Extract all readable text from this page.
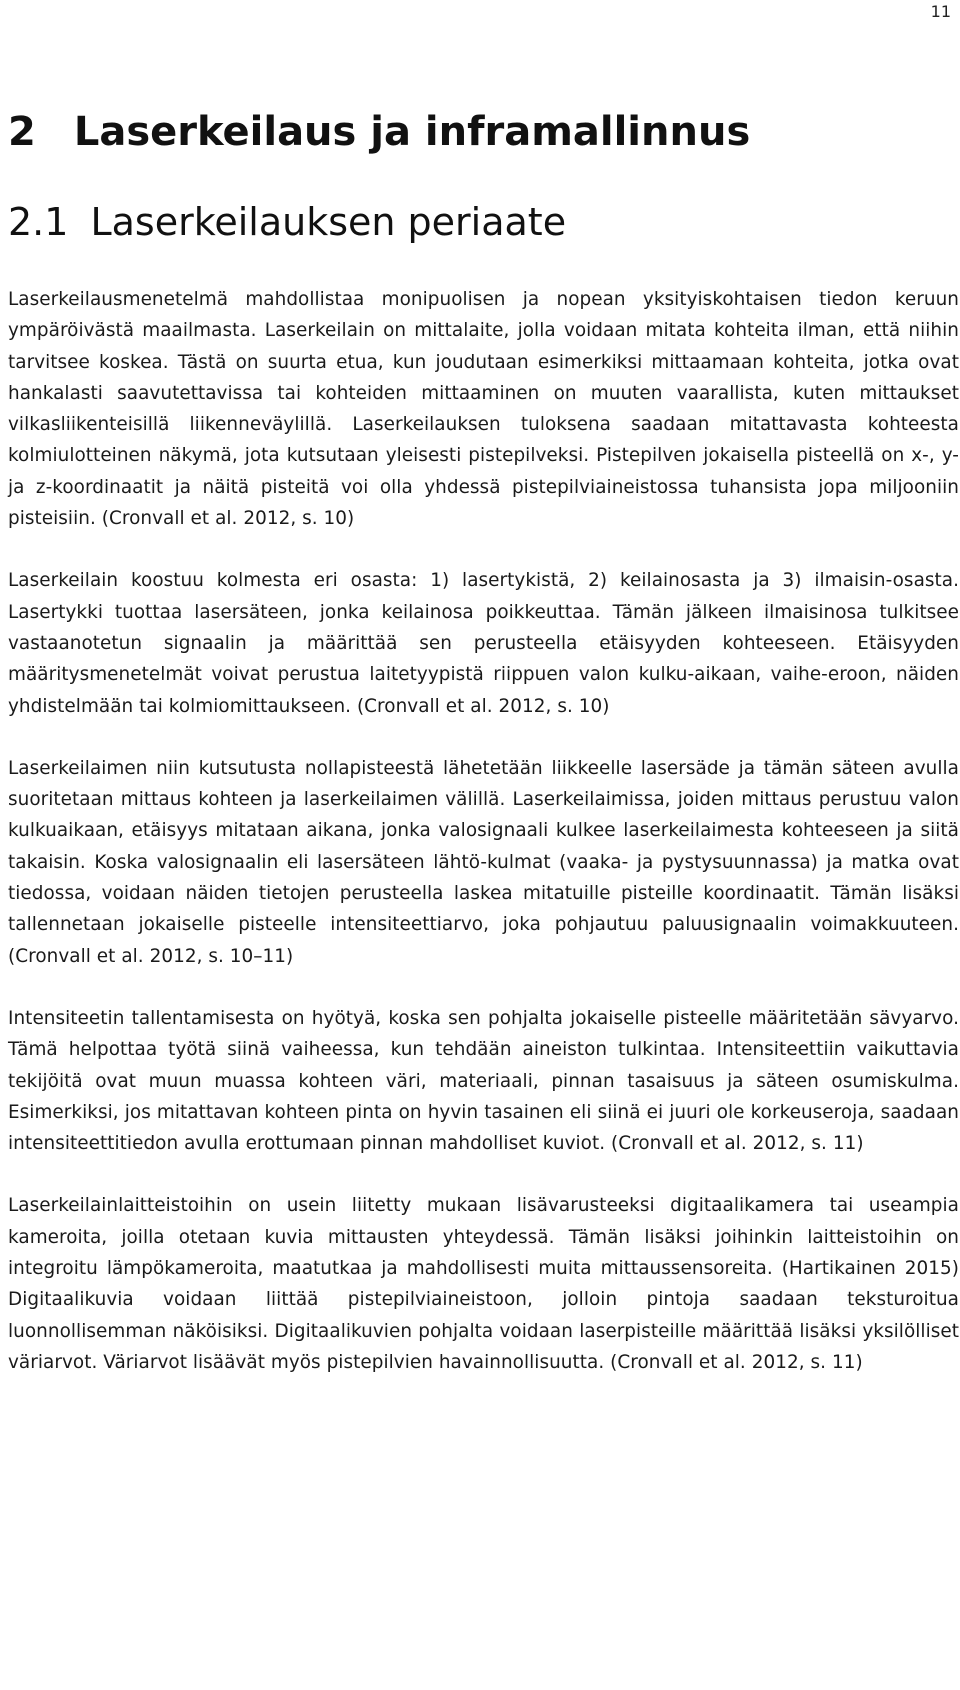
11
2 Laserkeilaus ja inframallinnus
2.1 Laserkeilauksen periaate

Laserkeilausmenetelmä mahdollistaa monipuolisen ja nopean yksityiskohtaisen tiedon keruun ympäröivästä maailmasta. Laserkeilain on mittalaite, jolla voidaan mitata kohteita ilman, että niihin tarvitsee koskea. Tästä on suurta etua, kun joudutaan esimerkiksi mittaamaan kohteita, jotka ovat hankalasti saavutettavissa tai kohteiden mittaaminen on muuten vaarallista, kuten mittaukset vilkasliikenteisillä liikenneväylillä. Laserkeilauksen tuloksena saadaan mitattavasta kohteesta kolmiulotteinen näkymä, jota kutsutaan yleisesti pistepilveksi. Pistepilven jokaisella pisteellä on x-, y- ja z-koordinaatit ja näitä pisteitä voi olla yhdessä pistepilviaineistossa tuhansista jopa miljooniin pisteisiin. (Cronvall et al. 2012, s. 10)

Laserkeilain koostuu kolmesta eri osasta: 1) lasertykistä, 2) keilainosasta ja 3) ilmaisin-osasta. Lasertykki tuottaa lasersäteen, jonka keilainosa poikkeuttaa. Tämän jälkeen ilmaisinosa tulkitsee vastaanotetun signaalin ja määrittää sen perusteella etäisyyden kohteeseen. Etäisyyden määritysmenetelmät voivat perustua laitetyypistä riippuen valon kulku-aikaan, vaihe-eroon, näiden yhdistelmään tai kolmiomittaukseen. (Cronvall et al. 2012, s. 10)

Laserkeilaimen niin kutsutusta nollapisteestä lähetetään liikkeelle lasersäde ja tämän säteen avulla suoritetaan mittaus kohteen ja laserkeilaimen välillä. Laserkeilaimissa, joiden mittaus perustuu valon kulkuaikaan, etäisyys mitataan aikana, jonka valosignaali kulkee laserkeilaimesta kohteeseen ja siitä takaisin. Koska valosignaalin eli lasersäteen lähtö-kulmat (vaaka- ja pystysuunnassa) ja matka ovat tiedossa, voidaan näiden tietojen perusteella laskea mitatuille pisteille koordinaatit. Tämän lisäksi tallennetaan jokaiselle pisteelle intensiteettiarvo, joka pohjautuu paluusignaalin voimakkuuteen. (Cronvall et al. 2012, s. 10–11)

Intensiteetin tallentamisesta on hyötyä, koska sen pohjalta jokaiselle pisteelle määritetään sävyarvo. Tämä helpottaa työtä siinä vaiheessa, kun tehdään aineiston tulkintaa. Intensiteettiin vaikuttavia tekijöitä ovat muun muassa kohteen väri, materiaali, pinnan tasaisuus ja säteen osumiskulma. Esimerkiksi, jos mitattavan kohteen pinta on hyvin tasainen eli siinä ei juuri ole korkeuseroja, saadaan intensiteettitiedon avulla erottumaan pinnan mahdolliset kuviot. (Cronvall et al. 2012, s. 11)

Laserkeilainlaitteistoihin on usein liitetty mukaan lisävarusteeksi digitaalikamera tai useampia kameroita, joilla otetaan kuvia mittausten yhteydessä. Tämän lisäksi joihinkin laitteistoihin on integroitu lämpökameroita, maatutkaa ja mahdollisesti muita mittaussensoreita. (Hartikainen 2015) Digitaalikuvia voidaan liittää pistepilviaineistoon, jolloin pintoja saadaan teksturoitua luonnollisemman näköisiksi. Digitaalikuvien pohjalta voidaan laserpisteille määrittää lisäksi yksilölliset väriarvot. Väriarvot lisäävät myös pistepilvien havainnollisuutta. (Cronvall et al. 2012, s. 11)
